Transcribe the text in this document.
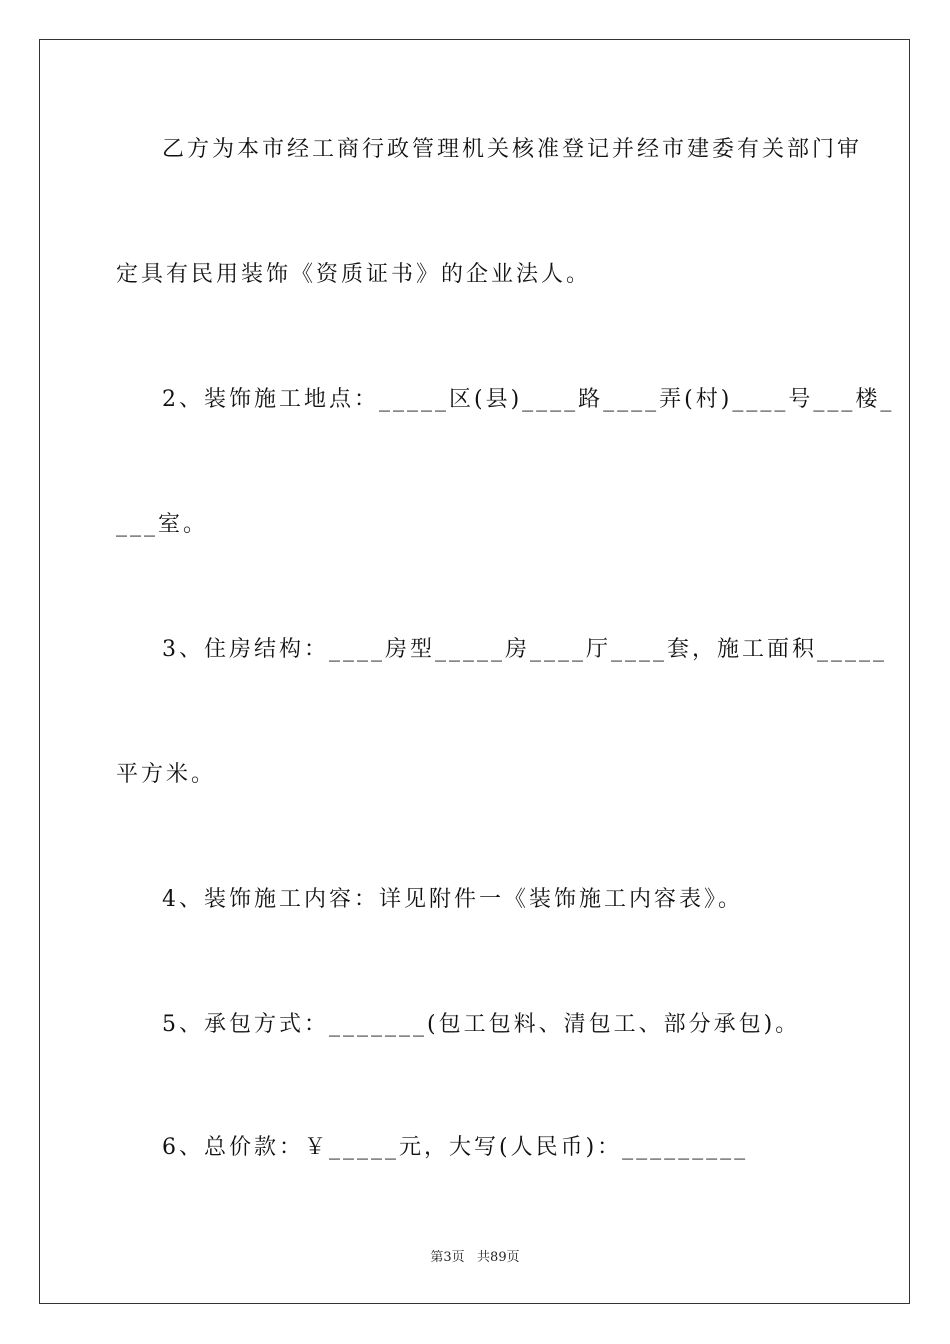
乙方为本市经工商行政管理机关核准登记并经市建委有关部门审
定具有民用装饰《资质证书》的企业法人。
2、装饰施工地点：_____区(县)____路____弄(村)____号___楼_
___室。
3、住房结构：____房型_____房____厅____套，施工面积_____
平方米。
4、装饰施工内容：详见附件一《装饰施工内容表》。
5、承包方式：_______(包工包料、清包工、部分承包)。
6、总价款：￥_____元，大写(人民币)：_________
第3页   共89页
